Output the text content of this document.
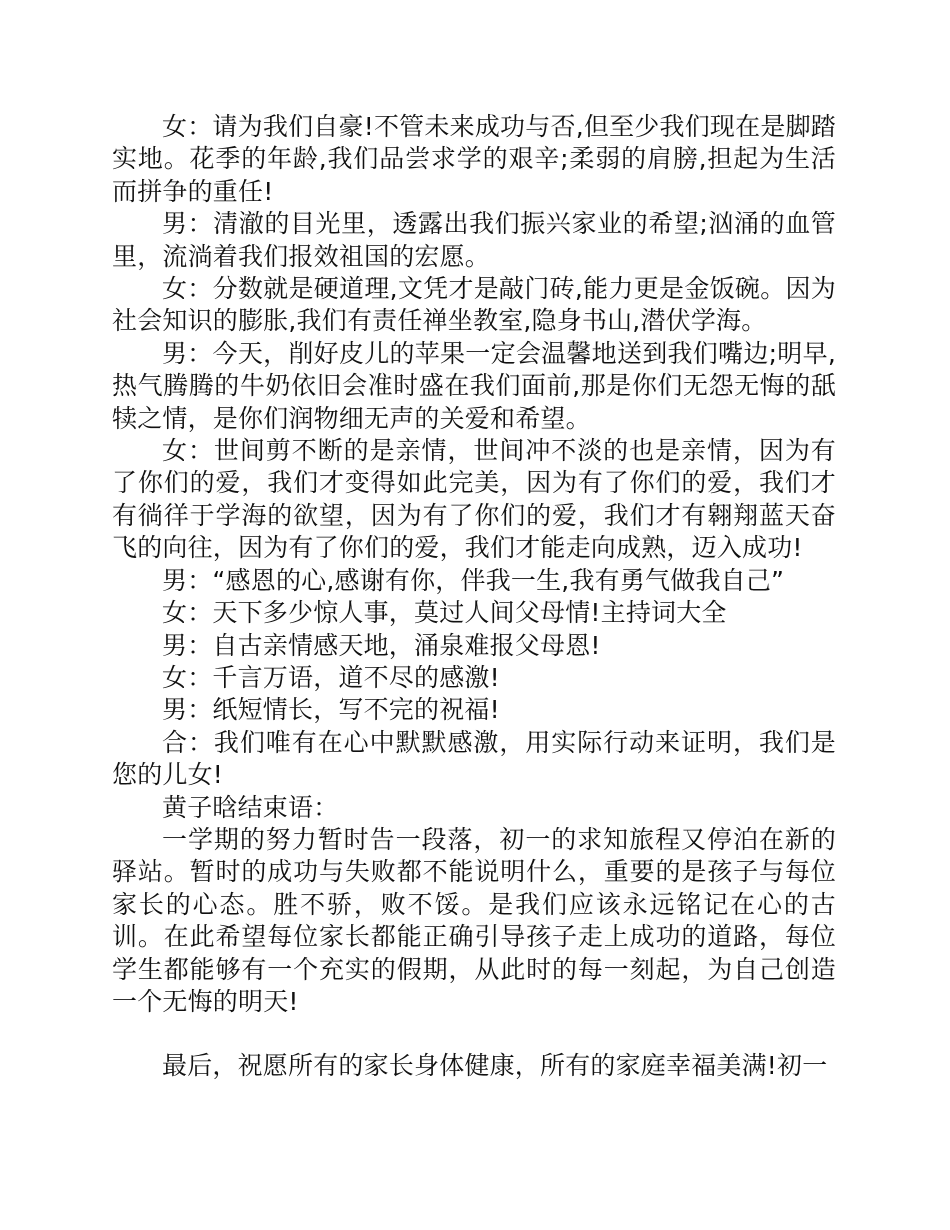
女：请为我们自豪!不管未来成功与否,但至少我们现在是脚踏实地。花季的年龄,我们品尝求学的艰辛;柔弱的肩膀,担起为生活而拼争的重任!

男：清澈的目光里，透露出我们振兴家业的希望;汹涌的血管里，流淌着我们报效祖国的宏愿。

女：分数就是硬道理,文凭才是敲门砖,能力更是金饭碗。因为社会知识的膨胀,我们有责任禅坐教室,隐身书山,潜伏学海。

男：今天，削好皮儿的苹果一定会温馨地送到我们嘴边;明早,热气腾腾的牛奶依旧会准时盛在我们面前,那是你们无怨无悔的舐犊之情，是你们润物细无声的关爱和希望。

女：世间剪不断的是亲情，世间冲不淡的也是亲情，因为有了你们的爱，我们才变得如此完美，因为有了你们的爱，我们才有徜徉于学海的欲望，因为有了你们的爱，我们才有翱翔蓝天奋飞的向往，因为有了你们的爱，我们才能走向成熟，迈入成功!

男：“感恩的心,感谢有你，伴我一生,我有勇气做我自己”

女：天下多少惊人事，莫过人间父母情!主持词大全

男：自古亲情感天地，涌泉难报父母恩!

女：千言万语，道不尽的感激!

男：纸短情长，写不完的祝福!

合：我们唯有在心中默默感激，用实际行动来证明，我们是您的儿女!

黄子晗结束语：

一学期的努力暂时告一段落，初一的求知旅程又停泊在新的驿站。暂时的成功与失败都不能说明什么，重要的是孩子与每位家长的心态。胜不骄，败不馁。是我们应该永远铭记在心的古训。在此希望每位家长都能正确引导孩子走上成功的道路，每位学生都能够有一个充实的假期，从此时的每一刻起，为自己创造一个无悔的明天!

最后，祝愿所有的家长身体健康，所有的家庭幸福美满!初一
